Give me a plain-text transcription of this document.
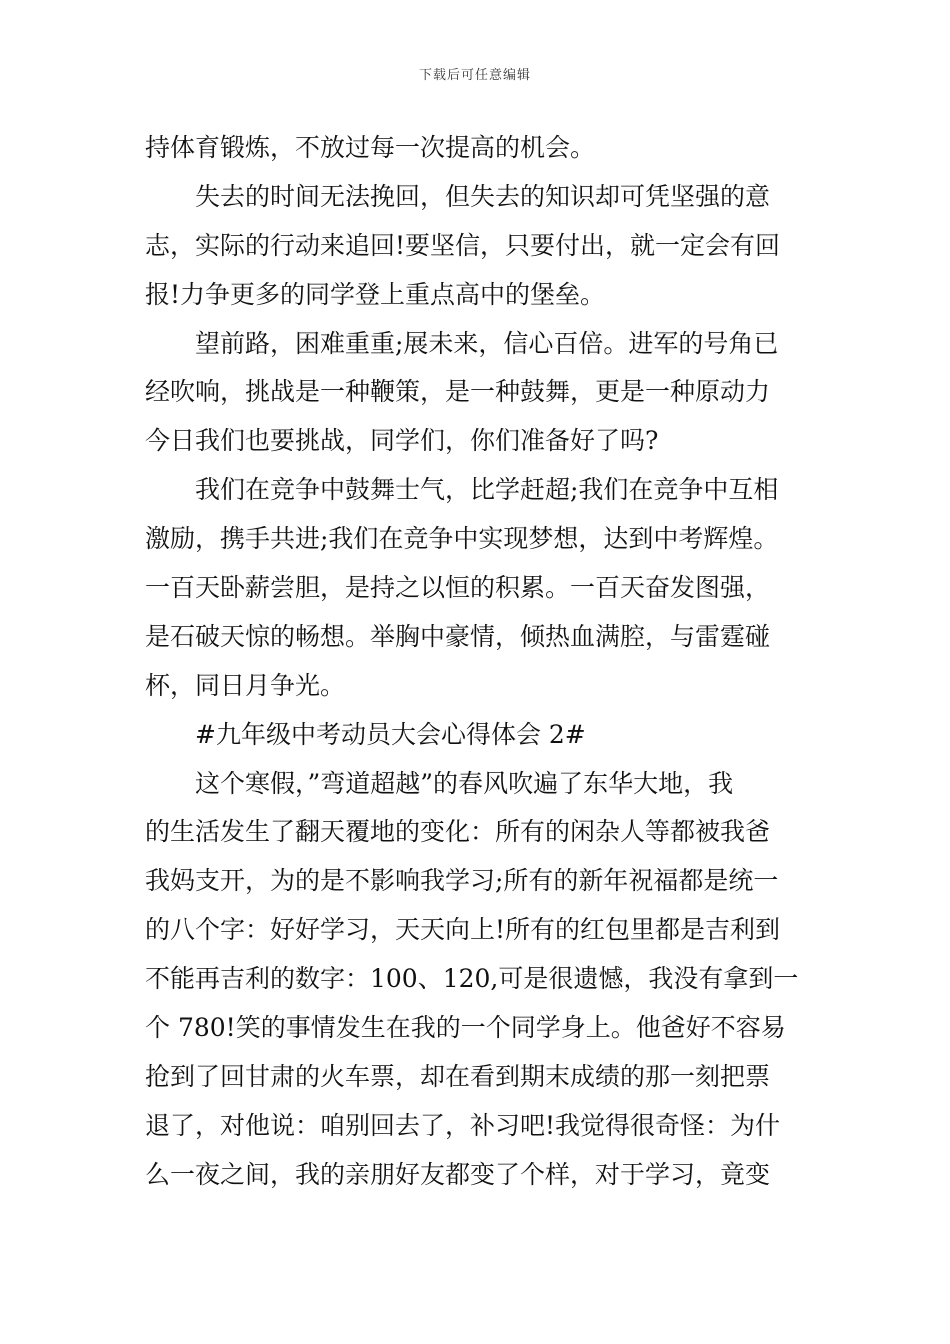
下载后可任意编辑
持体育锻炼，不放过每一次提高的机会。
失去的时间无法挽回，但失去的知识却可凭坚强的意
志，实际的行动来追回!要坚信，只要付出，就一定会有回
报!力争更多的同学登上重点高中的堡垒。
望前路，困难重重;展未来，信心百倍。进军的号角已
经吹响，挑战是一种鞭策，是一种鼓舞，更是一种原动力
今日我们也要挑战，同学们，你们准备好了吗?
我们在竞争中鼓舞士气，比学赶超;我们在竞争中互相
激励，携手共进;我们在竞争中实现梦想，达到中考辉煌。
一百天卧薪尝胆，是持之以恒的积累。一百天奋发图强，
是石破天惊的畅想。举胸中豪情，倾热血满腔，与雷霆碰
杯，同日月争光。
#九年级中考动员大会心得体会 2#
这个寒假，”弯道超越”的春风吹遍了东华大地，我
的生活发生了翻天覆地的变化：所有的闲杂人等都被我爸
我妈支开，为的是不影响我学习;所有的新年祝福都是统一
的八个字：好好学习，天天向上!所有的红包里都是吉利到
不能再吉利的数字：100、120,可是很遗憾，我没有拿到一
个 780!笑的事情发生在我的一个同学身上。他爸好不容易
抢到了回甘肃的火车票，却在看到期末成绩的那一刻把票
退了，对他说：咱别回去了，补习吧!我觉得很奇怪：为什
么一夜之间，我的亲朋好友都变了个样，对于学习，竟变
